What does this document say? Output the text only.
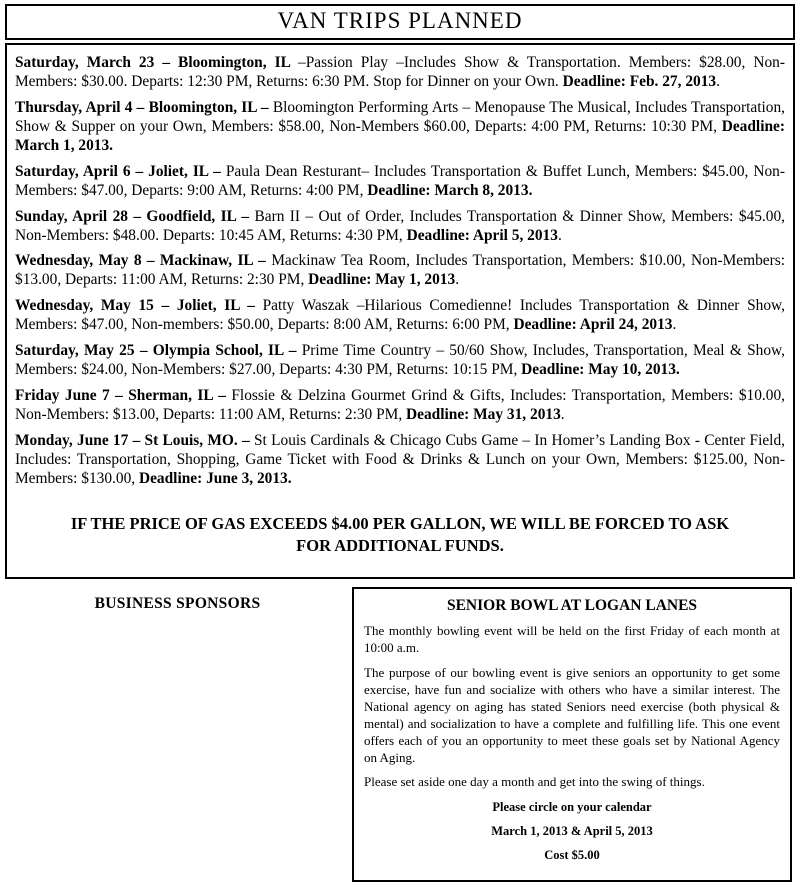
VAN TRIPS PLANNED

Saturday, March 23 – Bloomington, IL –Passion Play –Includes Show & Transportation. Members: $28.00, Non-Members: $30.00. Departs: 12:30 PM, Returns: 6:30 PM. Stop for Dinner on your Own. Deadline: Feb. 27, 2013.

Thursday, April 4 – Bloomington, IL – Bloomington Performing Arts – Menopause The Musical, Includes Transportation, Show & Supper on your Own, Members: $58.00, Non-Members $60.00, Departs: 4:00 PM, Returns: 10:30 PM, Deadline: March 1, 2013.

Saturday, April 6 – Joliet, IL – Paula Dean Resturant– Includes Transportation & Buffet Lunch, Members: $45.00, Non-Members: $47.00, Departs: 9:00 AM, Returns: 4:00 PM, Deadline: March 8, 2013.

Sunday, April 28 – Goodfield, IL – Barn II – Out of Order, Includes Transportation & Dinner Show, Members: $45.00, Non-Members: $48.00. Departs: 10:45 AM, Returns: 4:30 PM, Deadline: April 5, 2013.

Wednesday, May 8 – Mackinaw, IL – Mackinaw Tea Room, Includes Transportation, Members: $10.00, Non-Members: $13.00, Departs: 11:00 AM, Returns: 2:30 PM, Deadline: May 1, 2013.

Wednesday, May 15 – Joliet, IL – Patty Waszak –Hilarious Comedienne! Includes Transportation & Dinner Show, Members: $47.00, Non-members: $50.00, Departs: 8:00 AM, Returns: 6:00 PM, Deadline: April 24, 2013.

Saturday, May 25 – Olympia School, IL – Prime Time Country – 50/60 Show, Includes, Transportation, Meal & Show, Members: $24.00, Non-Members: $27.00, Departs: 4:30 PM, Returns: 10:15 PM, Deadline: May 10, 2013.

Friday June 7 – Sherman, IL – Flossie & Delzina Gourmet Grind & Gifts, Includes: Transportation, Members: $10.00, Non-Members: $13.00, Departs: 11:00 AM, Returns: 2:30 PM, Deadline: May 31, 2013.

Monday, June 17 – St Louis, MO. – St Louis Cardinals & Chicago Cubs Game – In Homer’s Landing Box - Center Field, Includes: Transportation, Shopping, Game Ticket with Food & Drinks & Lunch on your Own, Members: $125.00, Non-Members: $130.00, Deadline: June 3, 2013.

IF THE PRICE OF GAS EXCEEDS $4.00 PER GALLON, WE WILL BE FORCED TO ASK FOR ADDITIONAL FUNDS.

BUSINESS SPONSORS	SENIOR BOWL AT LOGAN LANES

The monthly bowling event will be held on the first Friday of each month at 10:00 a.m.

The purpose of our bowling event is give seniors an opportunity to get some exercise, have fun and socialize with others who have a similar interest. The National agency on aging has stated Seniors need exercise (both physical & mental) and socialization to have a complete and fulfilling life. This one event offers each of you an opportunity to meet these goals set by National Agency on Aging.

Please set aside one day a month and get into the swing of things.

Please circle on your calendar

March 1, 2013 & April 5, 2013

Cost $5.00
